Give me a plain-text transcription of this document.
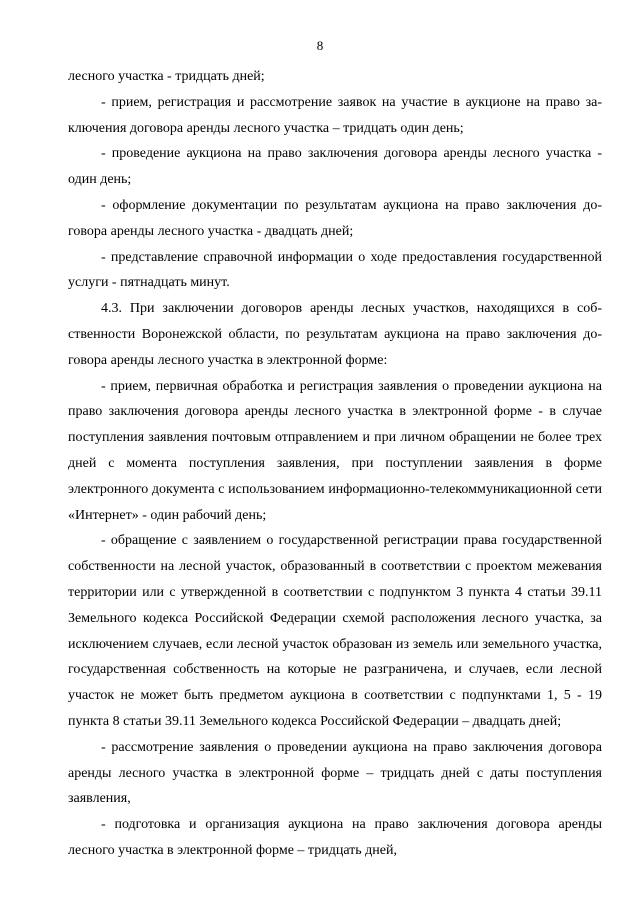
8

лесного участка - тридцать дней;

- прием, регистрация и рассмотрение заявок на участие в аукционе на право заключения договора аренды лесного участка – тридцать один день;

- проведение аукциона на право заключения договора аренды лесного участка - один день;

- оформление документации по результатам аукциона на право заключения договора аренды лесного участка - двадцать дней;

- представление справочной информации о ходе предоставления государственной услуги - пятнадцать минут.

4.3. При заключении договоров аренды лесных участков, находящихся в собственности Воронежской области, по результатам аукциона на право заключения договора аренды лесного участка в электронной форме:

- прием, первичная обработка и регистрация заявления о проведении аукциона на право заключения договора аренды лесного участка в электронной форме - в случае поступления заявления почтовым отправлением и при личном обращении не более трех дней с момента поступления заявления, при поступлении заявления в форме электронного документа с использованием информационно-телекоммуникационной сети «Интернет» - один рабочий день;

- обращение с заявлением о государственной регистрации права государственной собственности на лесной участок, образованный в соответствии с проектом межевания территории или с утвержденной в соответствии с подпунктом 3 пункта 4 статьи 39.11 Земельного кодекса Российской Федерации схемой расположения лесного участка, за исключением случаев, если лесной участок образован из земель или земельного участка, государственная собственность на которые не разграничена, и случаев, если лесной участок не может быть предметом аукциона в соответствии с подпунктами 1, 5 - 19 пункта 8 статьи 39.11 Земельного кодекса Российской Федерации – двадцать дней;

- рассмотрение заявления о проведении аукциона на право заключения договора аренды лесного участка в электронной форме – тридцать дней с даты поступления заявления,

- подготовка и организация аукциона на право заключения договора аренды лесного участка в электронной форме – тридцать дней,
